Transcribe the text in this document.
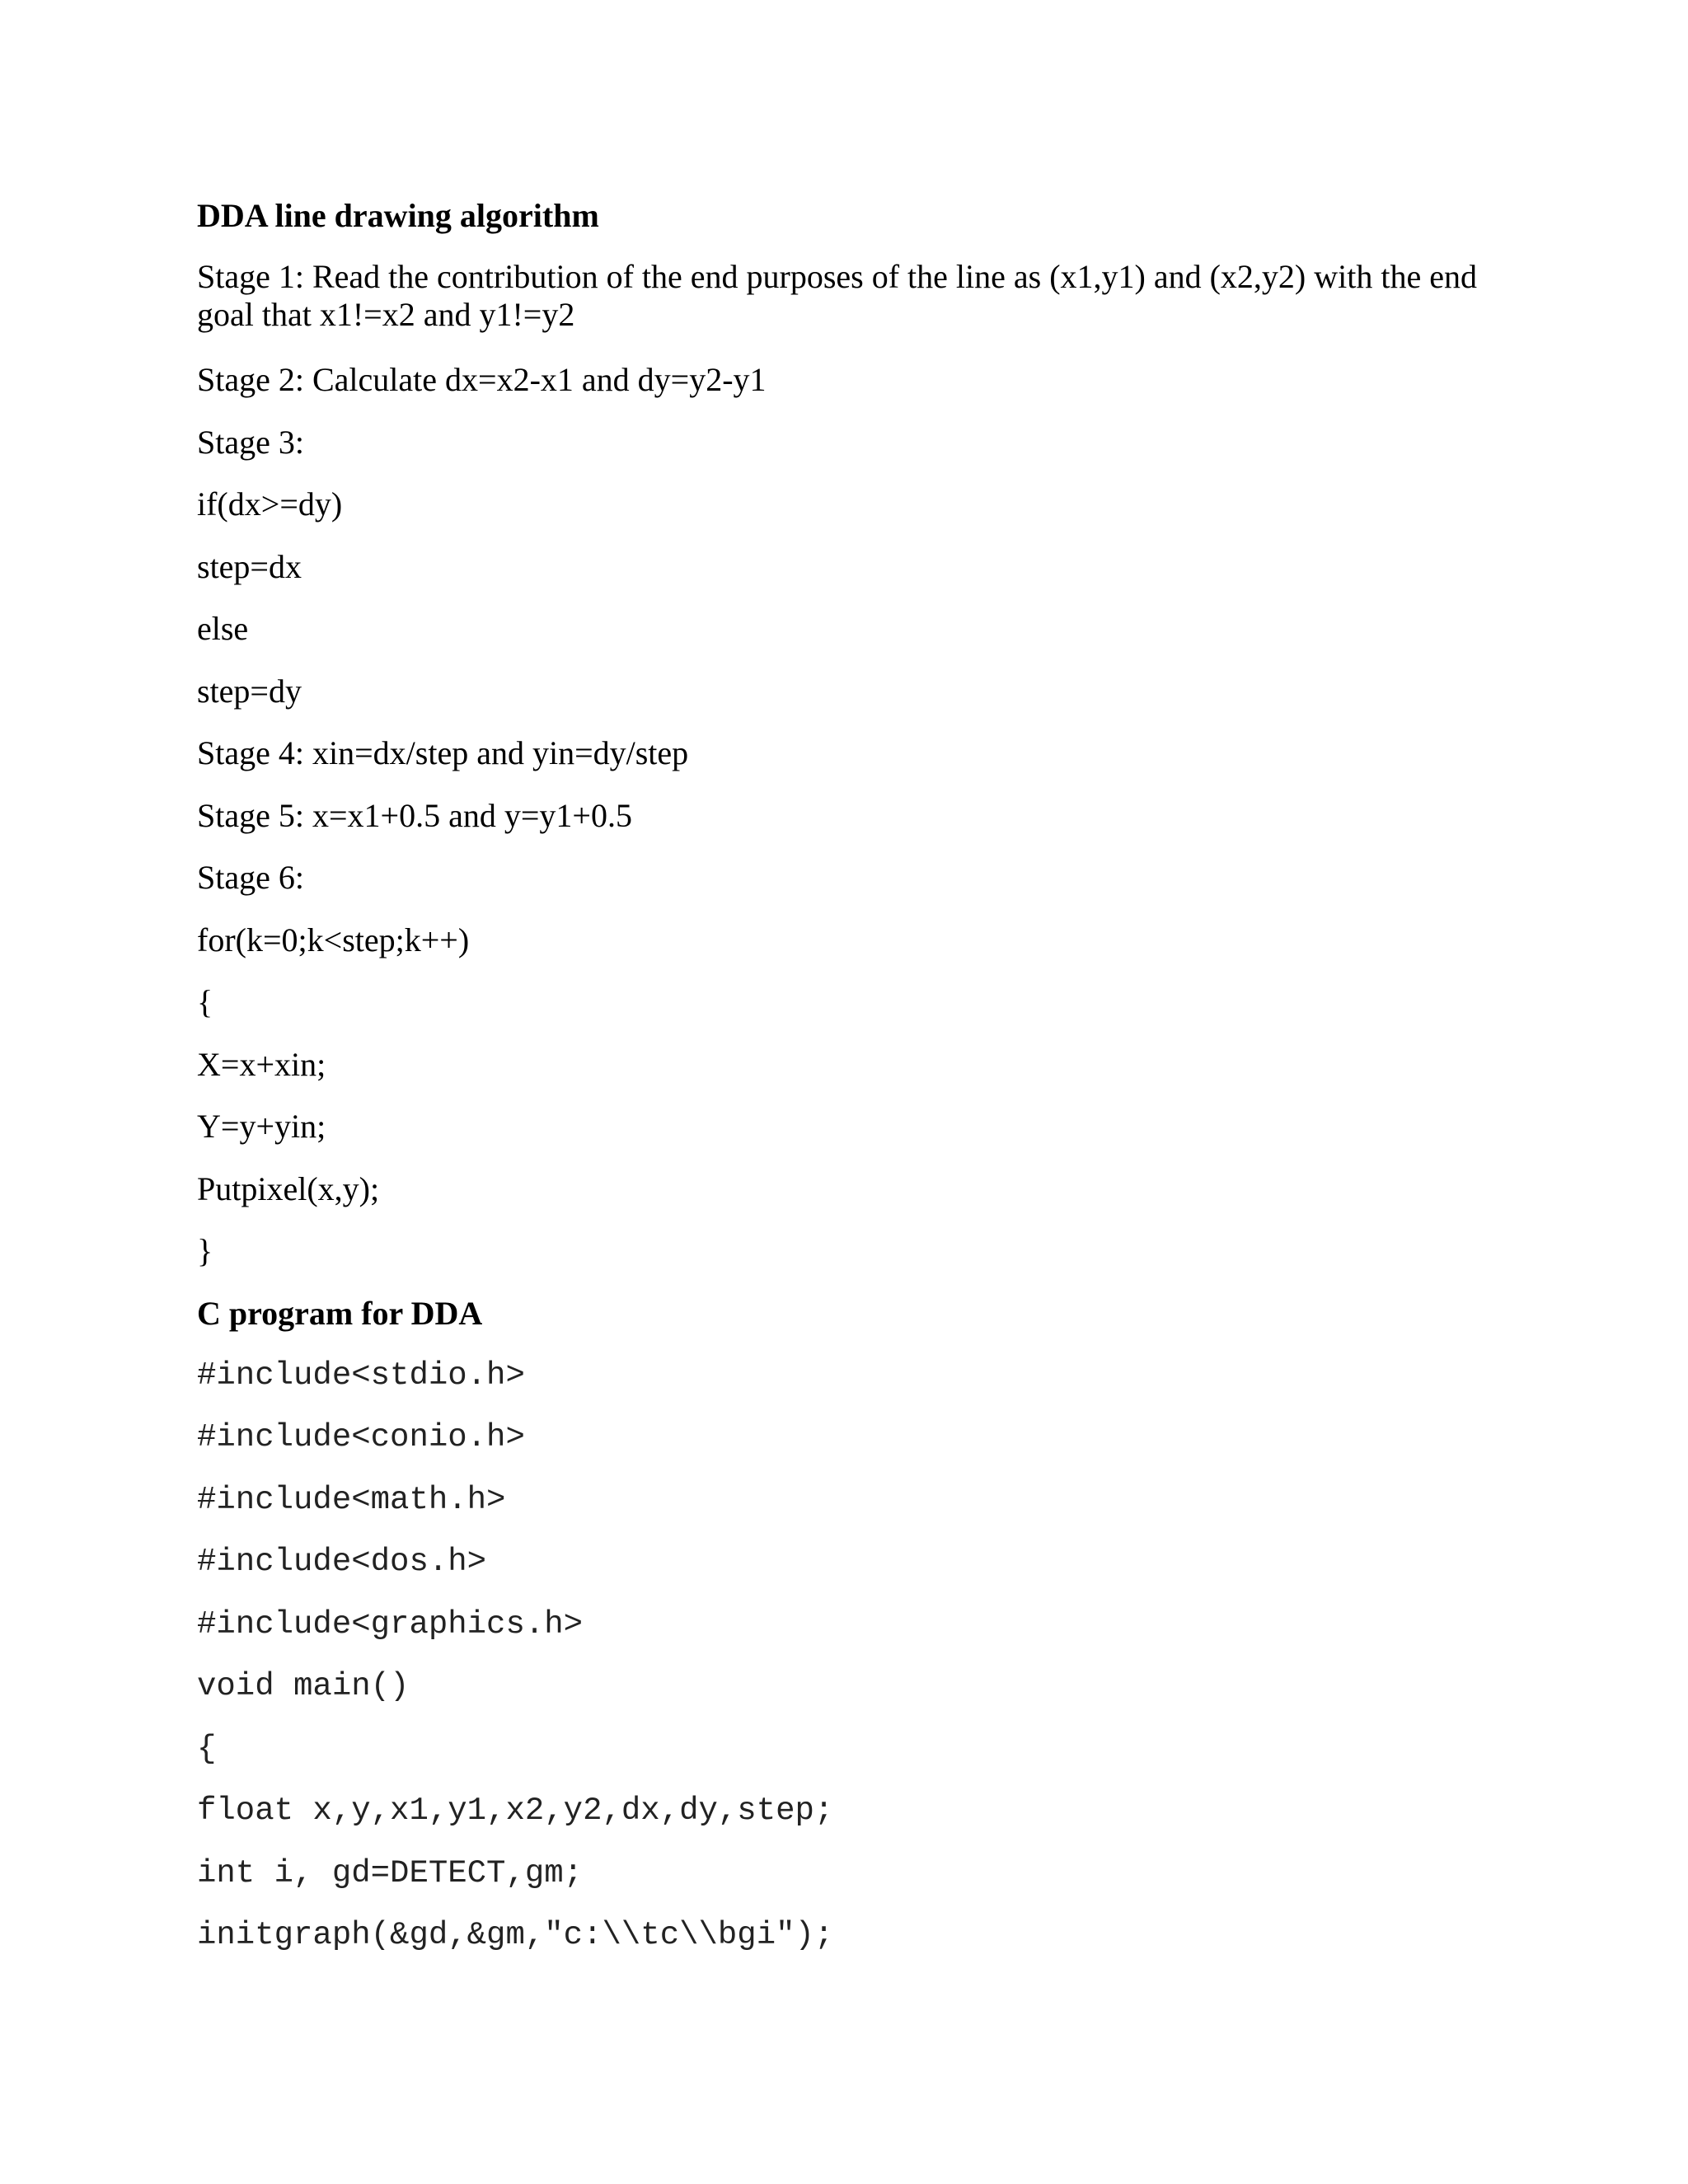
DDA line drawing algorithm

Stage 1: Read the contribution of the end purposes of the line as (x1,y1) and (x2,y2) with the end goal that x1!=x2 and y1!=y2

Stage 2: Calculate dx=x2-x1 and dy=y2-y1

Stage 3:

if(dx>=dy)

step=dx

else

step=dy

Stage 4: xin=dx/step and yin=dy/step

Stage 5: x=x1+0.5 and y=y1+0.5

Stage 6:

for(k=0;k<step;k++)

{

X=x+xin;

Y=y+yin;

Putpixel(x,y);

}

C program for DDA

#include<stdio.h>

#include<conio.h>

#include<math.h>

#include<dos.h>

#include<graphics.h>

void main()

{

float x,y,x1,y1,x2,y2,dx,dy,step;

int i, gd=DETECT,gm;

initgraph(&gd,&gm,"c:\\tc\\bgi");
